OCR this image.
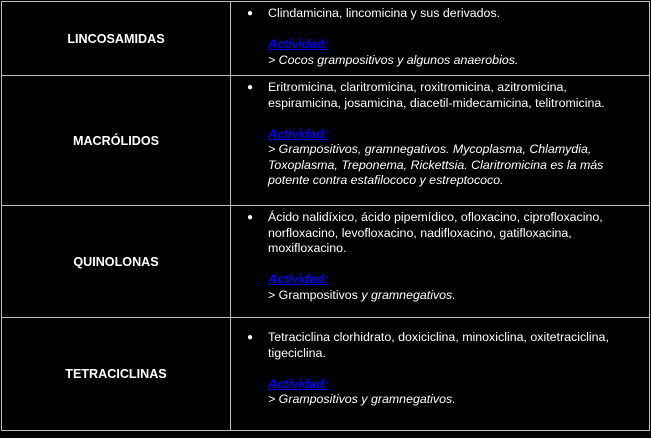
LINCOSAMIDAS	● Clindamicina, lincomicina y sus derivados.
Actividad:
> Cocos grampositivos y algunos anaerobios.

MACRÓLIDOS	● Eritromicina, claritromicina, roxitromicina, azitromicina, espiramicina, josamicina, diacetil-midecamicina, telitromicina.
Actividad:
> Grampositivos, gramnegativos. Mycoplasma, Chlamydia, Toxoplasma, Treponema, Rickettsia. Claritromicina es la más potente contra estafilococo y estreptococo.

QUINOLONAS	● Ácido nalidíxico, ácido pipemídico, ofloxacino, ciprofloxacino, norfloxacino, levofloxacino, nadifloxacino, gatifloxacina, moxifloxacino.
Actividad:
> Grampositivos y gramnegativos.

TETRACICLINAS	● Tetraciclina clorhidrato, doxiciclina, minoxiclina, oxitetraciclina, tigeciclina.
Actividad:
> Grampositivos y gramnegativos.
